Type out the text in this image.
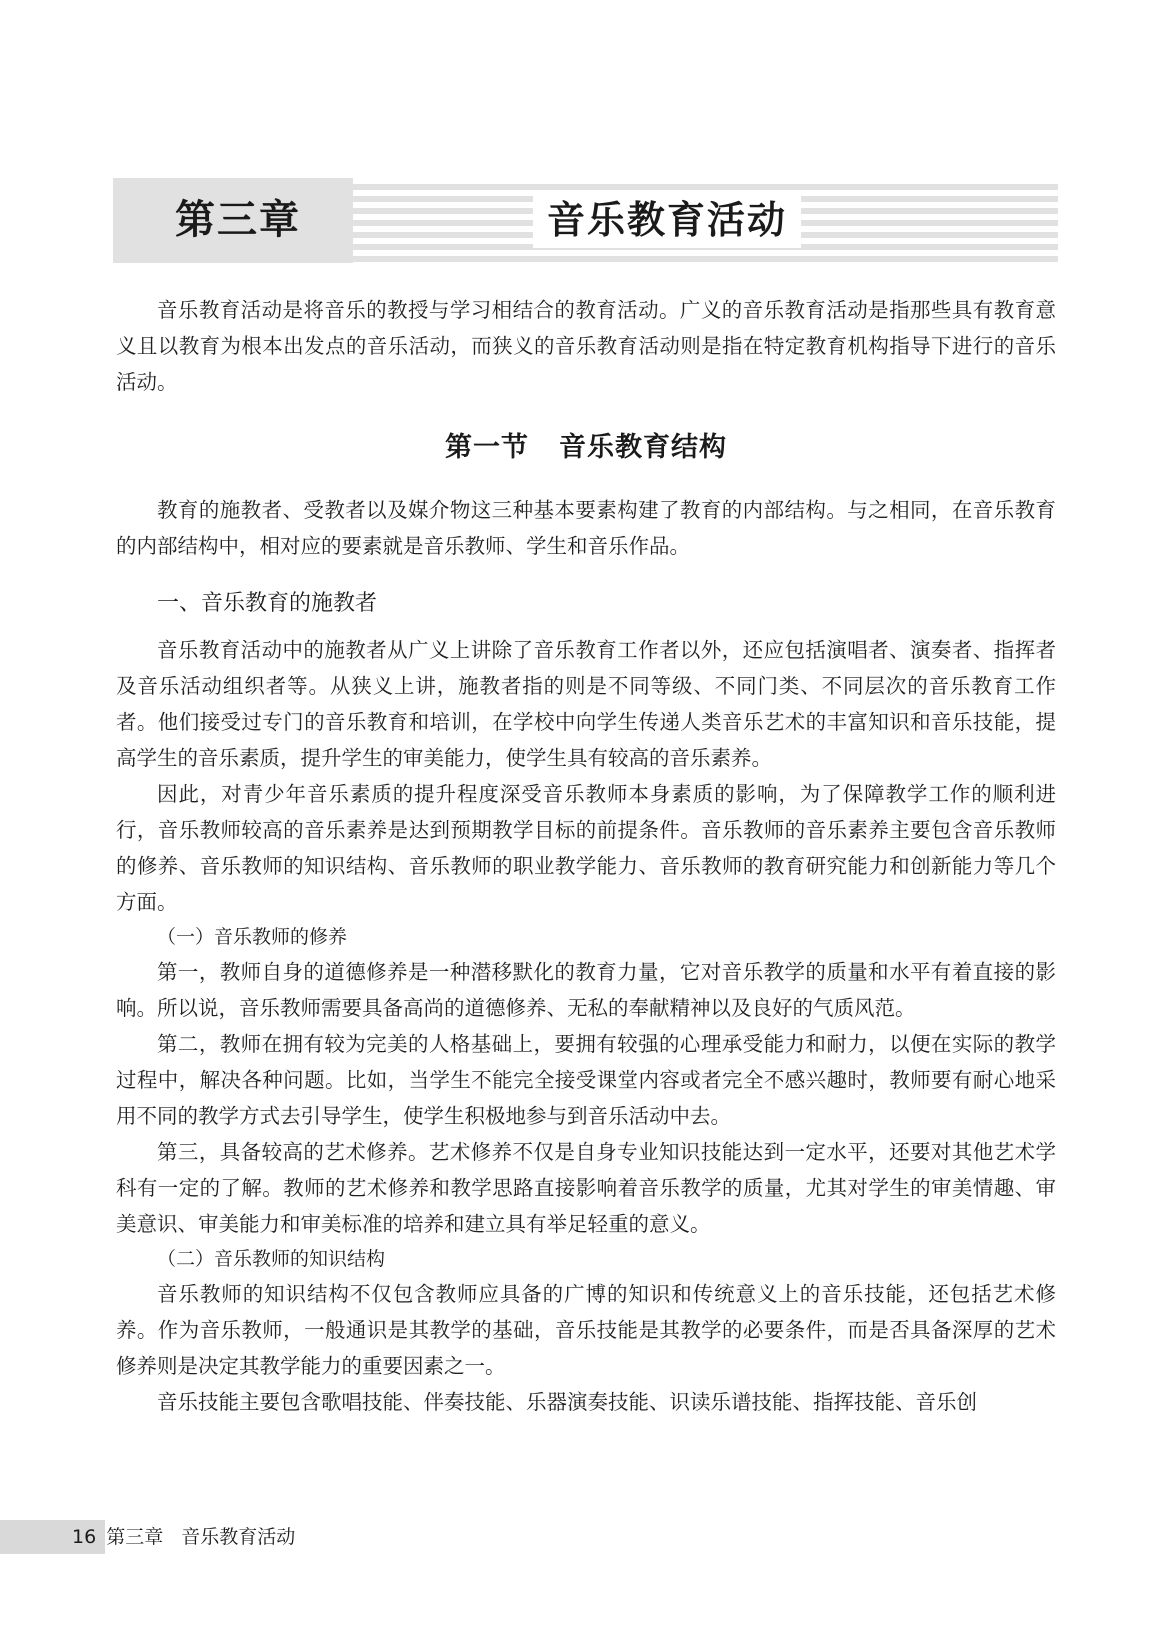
第三章	音乐教育活动

音乐教育活动是将音乐的教授与学习相结合的教育活动。广义的音乐教育活动是指那些具有教育意义且以教育为根本出发点的音乐活动，而狭义的音乐教育活动则是指在特定教育机构指导下进行的音乐活动。

第一节 音乐教育结构

教育的施教者、受教者以及媒介物这三种基本要素构建了教育的内部结构。与之相同，在音乐教育的内部结构中，相对应的要素就是音乐教师、学生和音乐作品。

一、音乐教育的施教者

音乐教育活动中的施教者从广义上讲除了音乐教育工作者以外，还应包括演唱者、演奏者、指挥者及音乐活动组织者等。从狭义上讲，施教者指的则是不同等级、不同门类、不同层次的音乐教育工作者。他们接受过专门的音乐教育和培训，在学校中向学生传递人类音乐艺术的丰富知识和音乐技能，提高学生的音乐素质，提升学生的审美能力，使学生具有较高的音乐素养。

因此，对青少年音乐素质的提升程度深受音乐教师本身素质的影响，为了保障教学工作的顺利进行，音乐教师较高的音乐素养是达到预期教学目标的前提条件。音乐教师的音乐素养主要包含音乐教师的修养、音乐教师的知识结构、音乐教师的职业教学能力、音乐教师的教育研究能力和创新能力等几个方面。

（一）音乐教师的修养

第一，教师自身的道德修养是一种潜移默化的教育力量，它对音乐教学的质量和水平有着直接的影响。所以说，音乐教师需要具备高尚的道德修养、无私的奉献精神以及良好的气质风范。

第二，教师在拥有较为完美的人格基础上，要拥有较强的心理承受能力和耐力，以便在实际的教学过程中，解决各种问题。比如，当学生不能完全接受课堂内容或者完全不感兴趣时，教师要有耐心地采用不同的教学方式去引导学生，使学生积极地参与到音乐活动中去。

第三，具备较高的艺术修养。艺术修养不仅是自身专业知识技能达到一定水平，还要对其他艺术学科有一定的了解。教师的艺术修养和教学思路直接影响着音乐教学的质量，尤其对学生的审美情趣、审美意识、审美能力和审美标准的培养和建立具有举足轻重的意义。

（二）音乐教师的知识结构

音乐教师的知识结构不仅包含教师应具备的广博的知识和传统意义上的音乐技能，还包括艺术修养。作为音乐教师，一般通识是其教学的基础，音乐技能是其教学的必要条件，而是否具备深厚的艺术修养则是决定其教学能力的重要因素之一。

音乐技能主要包含歌唱技能、伴奏技能、乐器演奏技能、识读乐谱技能、指挥技能、音乐创

16 第三章 音乐教育活动
